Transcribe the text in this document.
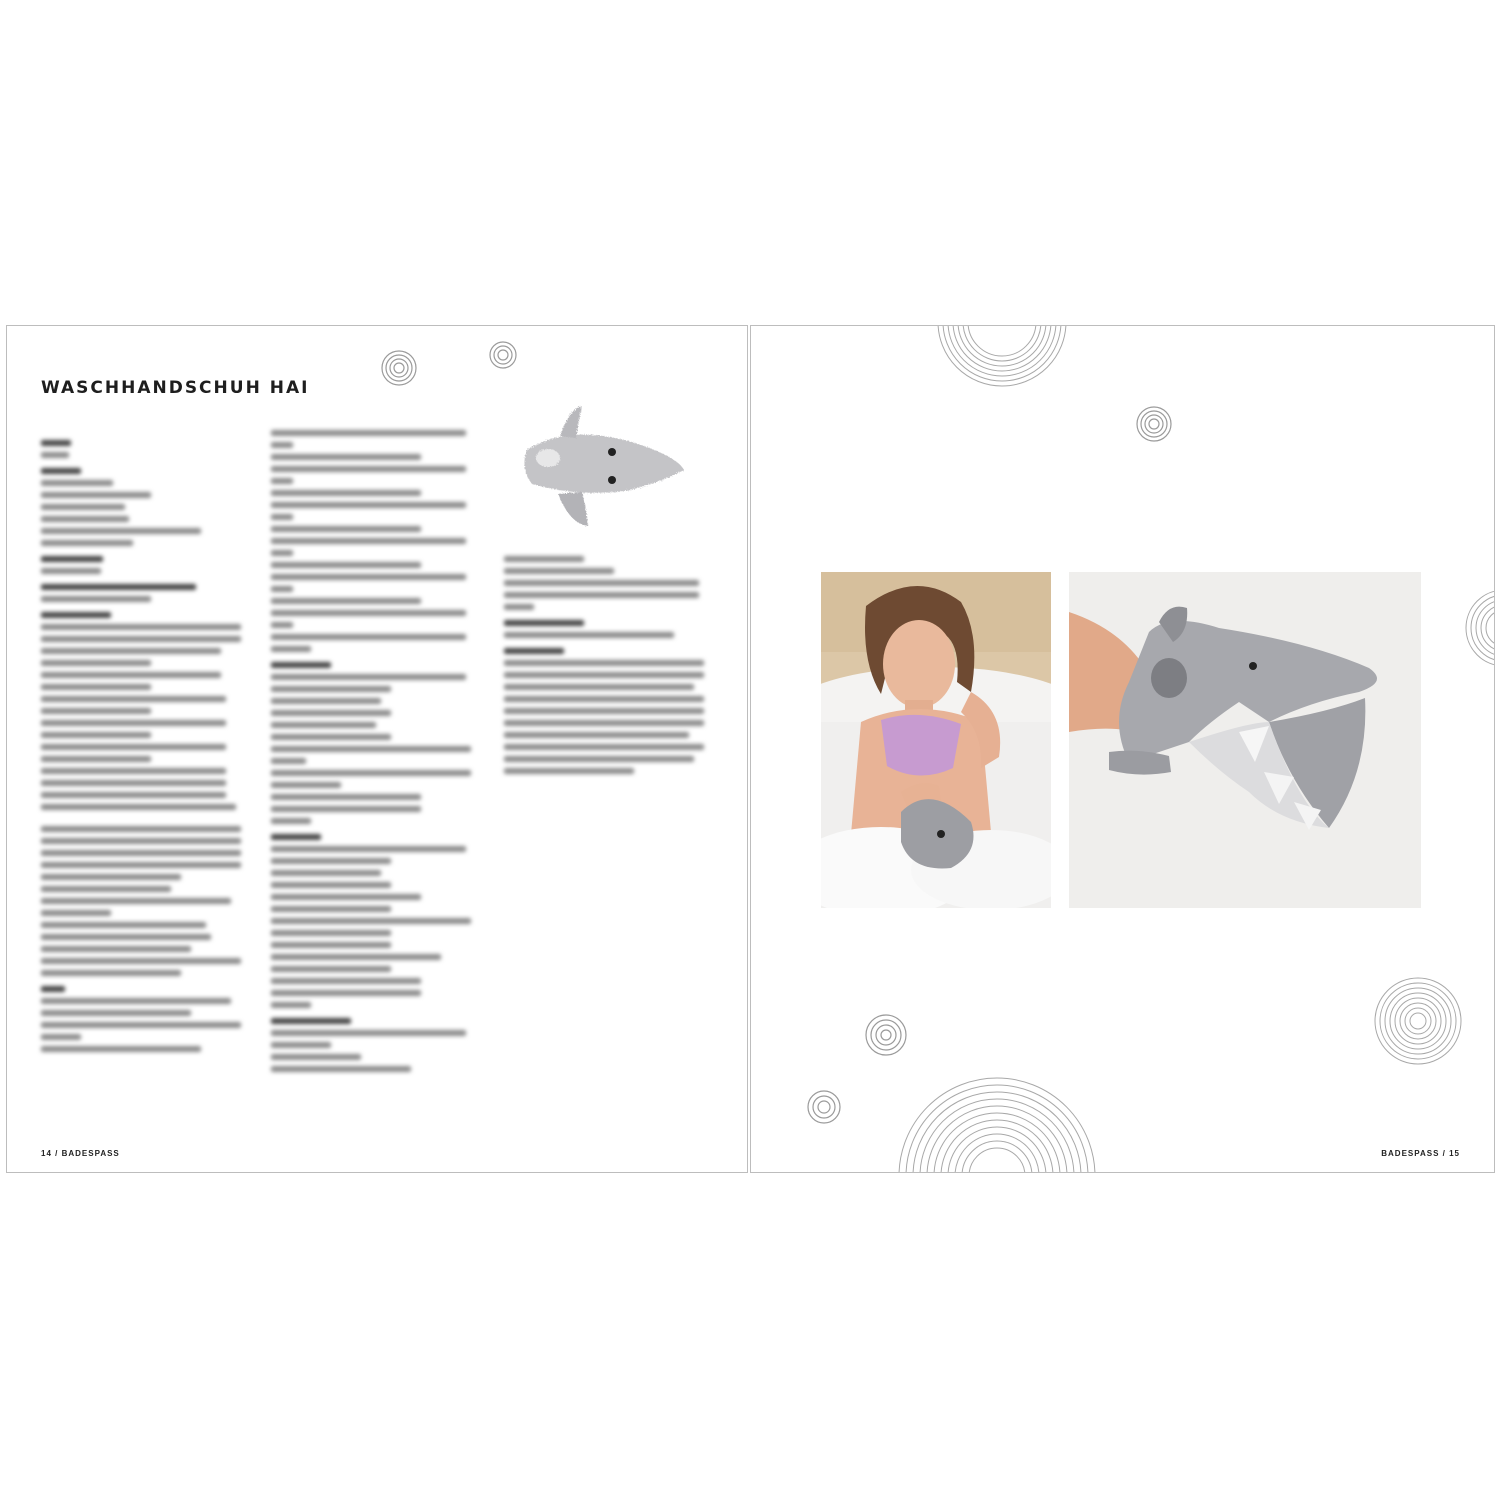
WASCHHANDSCHUH HAI
14 / BADESPASS	BADESPASS / 15
